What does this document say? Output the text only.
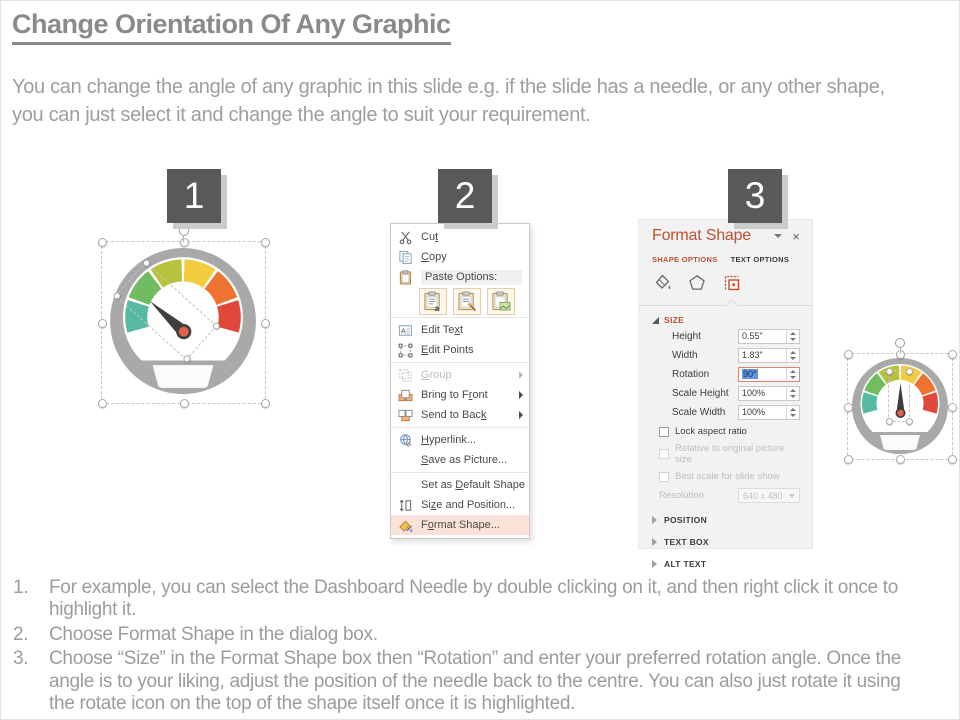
Change Orientation Of Any Graphic
You can change the angle of any graphic in this slide e.g. if the slide has a needle, or any other shape, you can just select it and change the angle to suit your requirement.
1	2	3
Cut
Copy
Paste Options:
a
A Edit Text
Edit Points
Group
Bring to Front
Send to Back
Hyperlink...
Save as Picture...
Set as Default Shape
Size and Position...
Format Shape...
Format Shape	×
SHAPE OPTIONS TEXT OPTIONS
SIZE
Height	0.55"
Width	1.83"
Rotation	90°
Scale Height	100%
Scale Width	100%
Lock aspect ratio
Relative to original picture size
Best scale for slide show
Resolution	640 x 480
POSITION
TEXT BOX
ALT TEXT
1.	For example, you can select the Dashboard Needle by double clicking on it, and then right click it once to highlight it.
2.	Choose Format Shape in the dialog box.
3.	Choose “Size” in the Format Shape box then “Rotation” and enter your preferred rotation angle. Once the angle is to your liking, adjust the position of the needle back to the centre. You can also just rotate it using the rotate icon on the top of the shape itself once it is highlighted.
